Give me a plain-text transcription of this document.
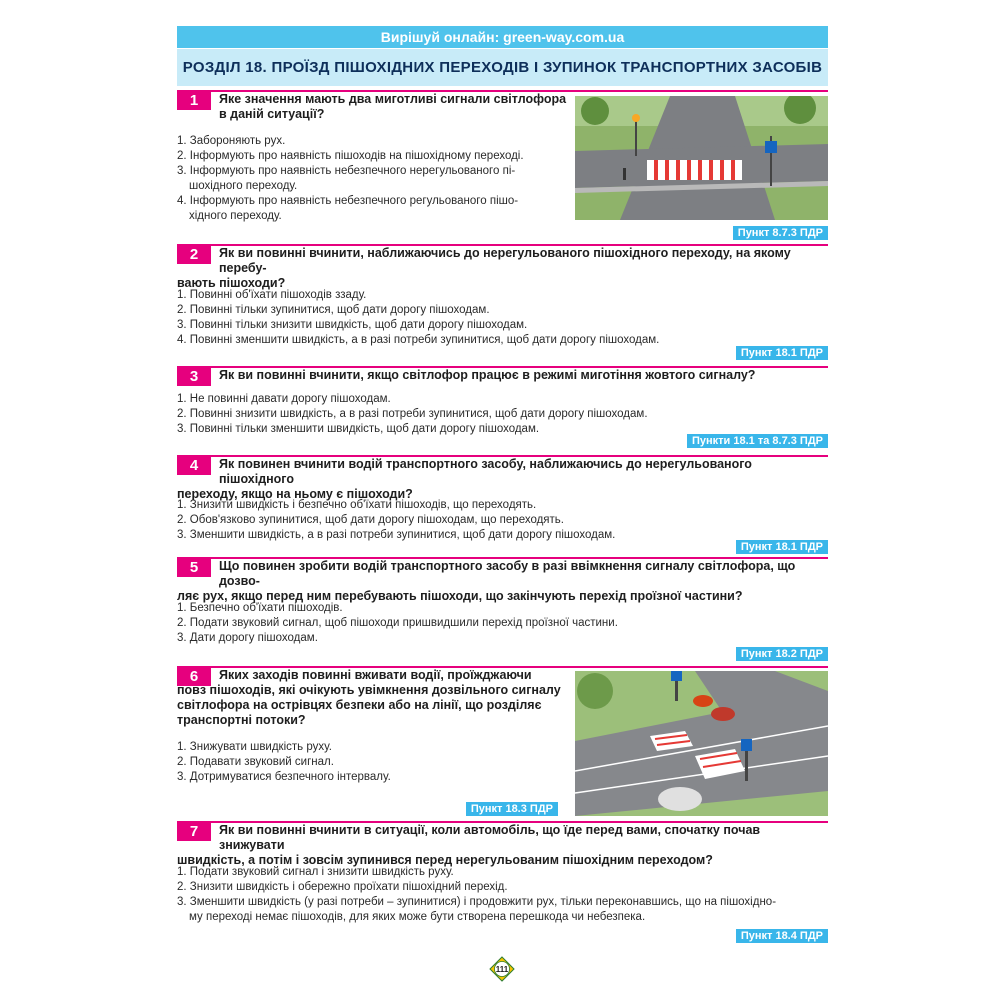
Вирішуй онлайн: green-way.com.ua
РОЗДІЛ 18. ПРОЇЗД ПІШОХІДНИХ ПЕРЕХОДІВ І ЗУПИНОК ТРАНСПОРТНИХ ЗАСОБІВ
1	Яке значення мають два миготливі сигнали світлофора
в даній ситуації?
1. Забороняють рух.
2. Інформують про наявність пішоходів на пішохідному переході.
3. Інформують про наявність небезпечного нерегульованого пі-
шохідного переходу.
4. Інформують про наявність небезпечного регульованого пішо-
хідного переходу.
Пункт 8.7.3 ПДР
2	Як ви повинні вчинити, наближаючись до нерегульованого пішохідного переходу, на якому перебу-
вають пішоходи?
1. Повинні об'їхати пішоходів ззаду.
2. Повинні тільки зупинитися, щоб дати дорогу пішоходам.
3. Повинні тільки знизити швидкість, щоб дати дорогу пішоходам.
4. Повинні зменшити швидкість, а в разі потреби зупинитися, щоб дати дорогу пішоходам.
Пункт 18.1 ПДР
3	Як ви повинні вчинити, якщо світлофор працює в режимі миготіння жовтого сигналу?
1. Не повинні давати дорогу пішоходам.
2. Повинні знизити швидкість, а в разі потреби зупинитися, щоб дати дорогу пішоходам.
3. Повинні тільки зменшити швидкість, щоб дати дорогу пішоходам.
Пункти 18.1 та 8.7.3 ПДР
4	Як повинен вчинити водій транспортного засобу, наближаючись до нерегульованого пішохідного
переходу, якщо на ньому є пішоходи?
1. Знизити швидкість і безпечно об'їхати пішоходів, що переходять.
2. Обов'язково зупинитися, щоб дати дорогу пішоходам, що переходять.
3. Зменшити швидкість, а в разі потреби зупинитися, щоб дати дорогу пішоходам.
Пункт 18.1 ПДР
5	Що повинен зробити водій транспортного засобу в разі ввімкнення сигналу світлофора, що дозво-
ляє рух, якщо перед ним перебувають пішоходи, що закінчують перехід проїзної частини?
1. Безпечно об'їхати пішоходів.
2. Подати звуковий сигнал, щоб пішоходи пришвидшили перехід проїзної частини.
3. Дати дорогу пішоходам.
Пункт 18.2 ПДР
6	Яких заходів повинні вживати водії, проїжджаючи
повз пішоходів, які очікують увімкнення дозвільного сигналу
світлофора на острівцях безпеки або на лінії, що розділяє
транспортні потоки?
1. Знижувати швидкість руху.
2. Подавати звуковий сигнал.
3. Дотримуватися безпечного інтервалу.
Пункт 18.3 ПДР
7	Як ви повинні вчинити в ситуації, коли автомобіль, що їде перед вами, спочатку почав знижувати
швидкість, а потім і зовсім зупинився перед нерегульованим пішохідним переходом?
1. Подати звуковий сигнал і знизити швидкість руху.
2. Знизити швидкість і обережно проїхати пішохідний перехід.
3. Зменшити швидкість (у разі потреби – зупинитися) і продовжити рух, тільки переконавшись, що на пішохідно-
му переході немає пішоходів, для яких може бути створена перешкода чи небезпека.
Пункт 18.4 ПДР
111
